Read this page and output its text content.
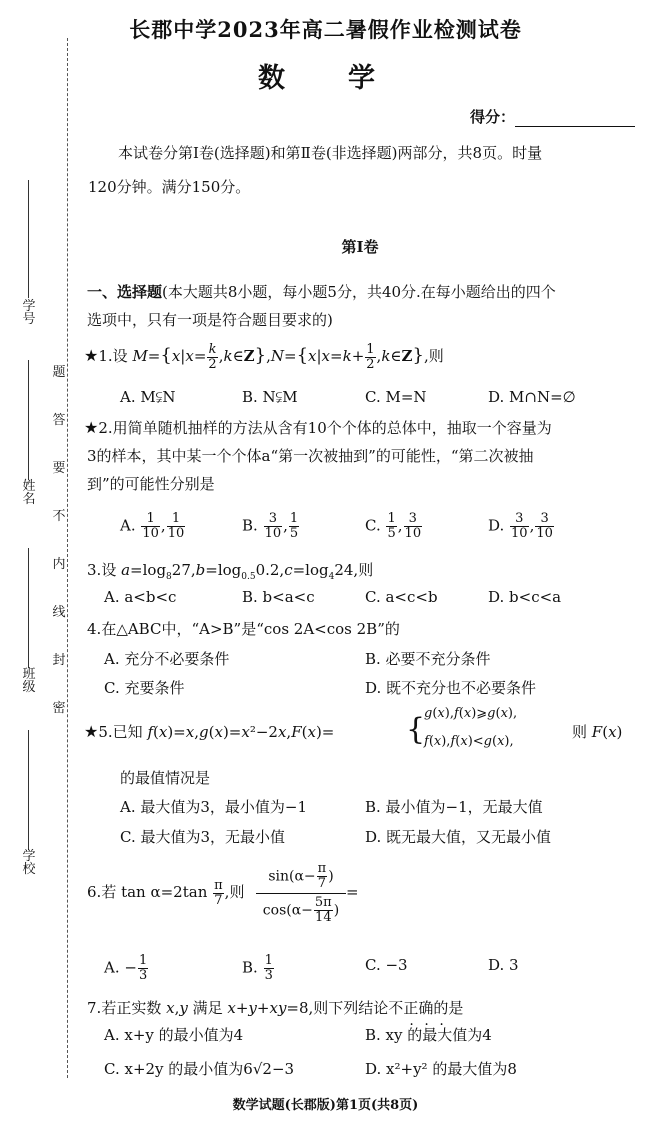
学号
姓名
班级
学校
题
答
要
不
内
线
封
密
长郡中学2023年高二暑假作业检测试卷
数　学
得分：
本试卷分第Ⅰ卷(选择题)和第Ⅱ卷(非选择题)两部分，共8页。时量
120分钟。满分150分。
第Ⅰ卷
一、选择题(本大题共8小题，每小题5分，共40分.在每小题给出的四个
选项中，只有一项是符合题目要求的)
★1.设 $M=\{x|x= \frac{k}{2}$ ,k∈Z},N={x|x=k+ $\frac{1}{2}$ ,k∈Z},则
A. M⫋N	B. N⫋M	C. M=N	D. M∩N=∅
★2.用简单随机抽样的方法从含有10个个体的总体中，抽取一个容量为
3的样本，其中某一个个体a“第一次被抽到”的可能性，“第二次被抽
到”的可能性分别是
A. $\frac{1}{10}$ , $\frac{1}{10}$	B. $\frac{3}{10}$ , $\frac{1}{5}$	C. $\frac{1}{5}$ , $\frac{3}{10}$	D. $\frac{3}{10}$ , $\frac{3}{10}$
3.设 $a=\log_827,b=\log_{0.5}0.2,c=\log_424$,则
A. a<b<c	B. b<a<c	C. a<c<b	D. b<c<a
4.在△ABC中，“A>B”是“cos 2A<cos 2B”的
A. 充分不必要条件	B. 必要不充分条件
C. 充要条件	D. 既不充分也不必要条件
★5.已知 f(x)=x,g(x)=x²−2x,F(x)=	{
g(x),f(x)⩾g(x),
f(x),f(x)<g(x),
则 F(x)
的最值情况是
A. 最大值为3，最小值为−1	B. 最小值为−1，无最大值
C. 最大值为3，无最小值	D. 既无最大值，又无最小值
6.若 $\tan \alpha=2\tan \frac{\pi}{7}$ ,则
$\sin(\alpha- \frac{\pi}{7}$ )
$\cos(\alpha- \frac{5\pi}{14}$ )
=
A. − $\frac{1}{3}$	B. $\frac{1}{3}$	C. −3	D. 3
7.若正实数 x,y 满足 x+y+xy=8,则下列结论不正确的是
A. x+y 的最小值为4	B. xy 的最大值为4
C. x+2y 的最小值为6√2−3	D. x²+y² 的最大值为8
数学试题(长郡版)第1页(共8页)
